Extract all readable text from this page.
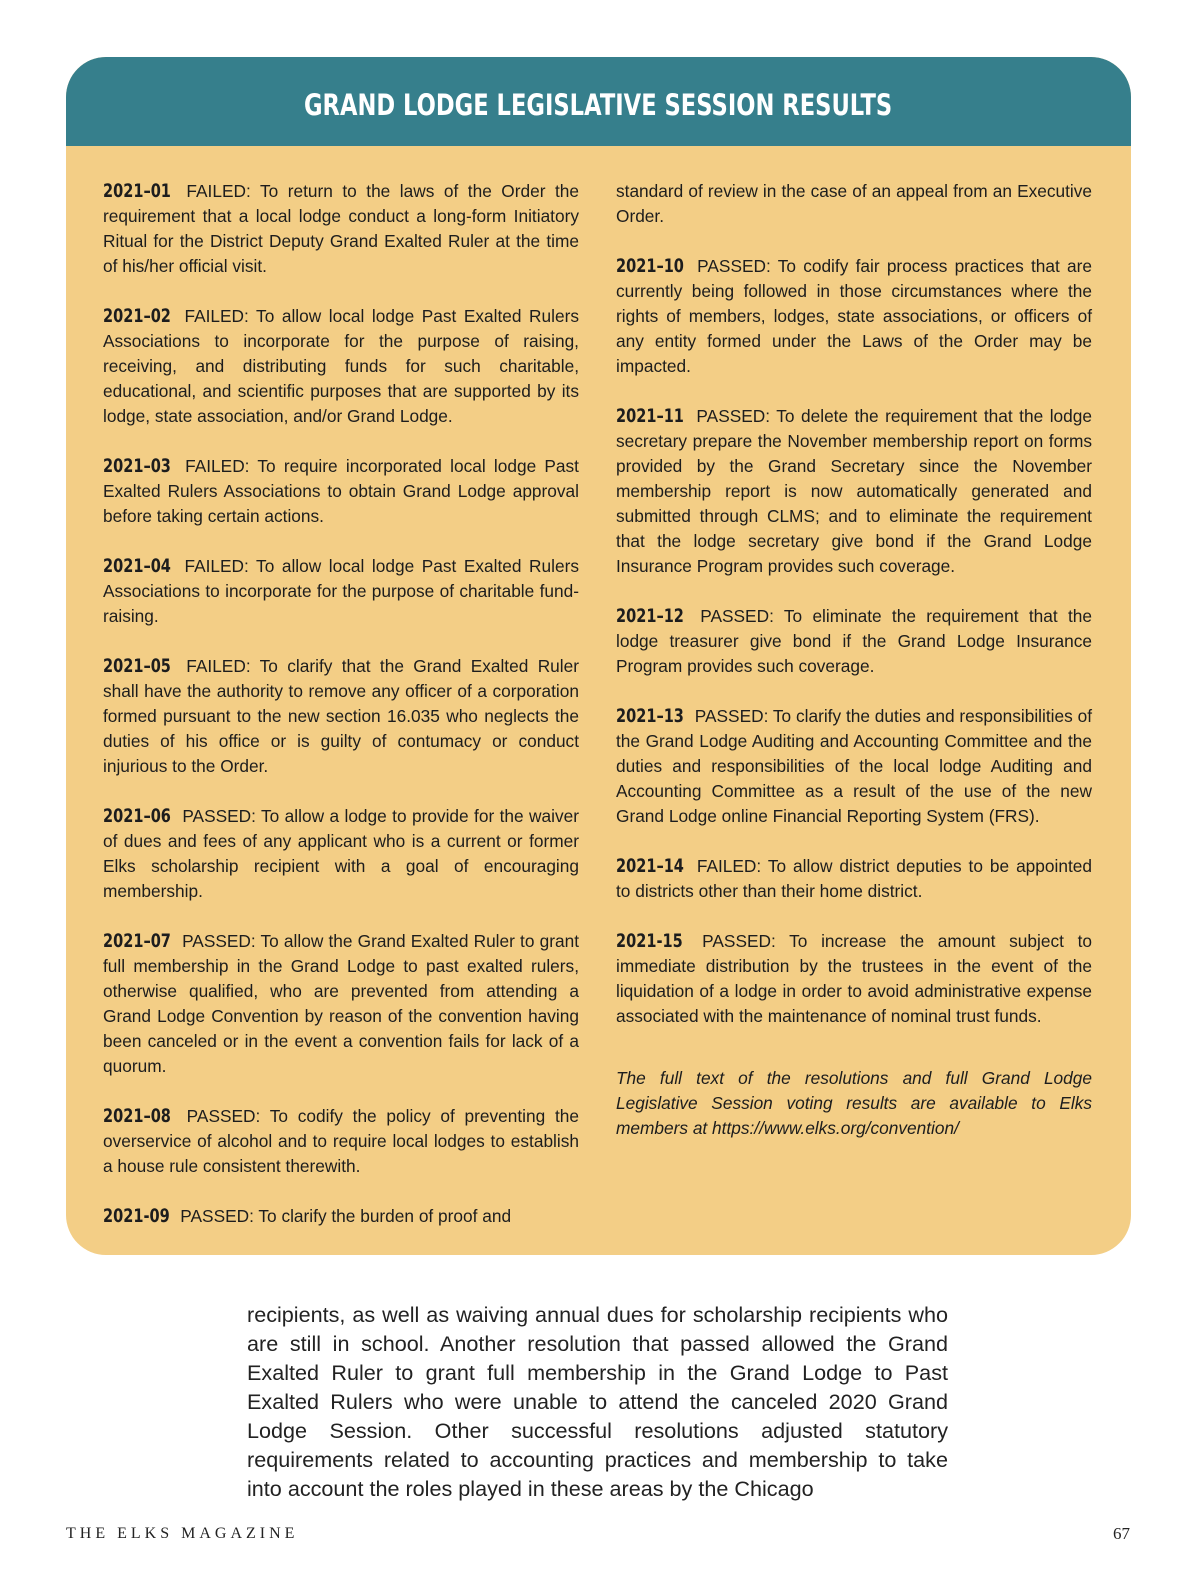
GRAND LODGE LEGISLATIVE SESSION RESULTS

2021–01 FAILED: To return to the laws of the Order the requirement that a local lodge conduct a long-form Initiatory Ritual for the District Deputy Grand Exalted Ruler at the time of his/her official visit.

2021–02 FAILED: To allow local lodge Past Exalted Rulers Associations to incorporate for the purpose of raising, receiving, and distributing funds for such charitable, educational, and scientific purposes that are supported by its lodge, state association, and/or Grand Lodge.

2021–03 FAILED: To require incorporated local lodge Past Exalted Rulers Associations to obtain Grand Lodge approval before taking certain actions.

2021–04 FAILED: To allow local lodge Past Exalted Rulers Associations to incorporate for the purpose of charitable fund-raising.

2021–05 FAILED: To clarify that the Grand Exalted Ruler shall have the authority to remove any officer of a corporation formed pursuant to the new section 16.035 who neglects the duties of his office or is guilty of contumacy or conduct injurious to the Order.

2021–06 PASSED: To allow a lodge to provide for the waiver of dues and fees of any applicant who is a current or former Elks scholarship recipient with a goal of encouraging membership.

2021–07 PASSED: To allow the Grand Exalted Ruler to grant full membership in the Grand Lodge to past exalted rulers, otherwise qualified, who are prevented from attending a Grand Lodge Convention by reason of the convention having been canceled or in the event a convention fails for lack of a quorum.

2021–08 PASSED: To codify the policy of preventing the overservice of alcohol and to require local lodges to establish a house rule consistent therewith.

2021-09 PASSED: To clarify the burden of proof and

standard of review in the case of an appeal from an Executive Order.

2021–10 PASSED: To codify fair process practices that are currently being followed in those circumstances where the rights of members, lodges, state associations, or officers of any entity formed under the Laws of the Order may be impacted.

2021–11 PASSED: To delete the requirement that the lodge secretary prepare the November membership report on forms provided by the Grand Secretary since the November membership report is now automatically generated and submitted through CLMS; and to eliminate the requirement that the lodge secretary give bond if the Grand Lodge Insurance Program provides such coverage.

2021–12 PASSED: To eliminate the requirement that the lodge treasurer give bond if the Grand Lodge Insurance Program provides such coverage.

2021–13 PASSED: To clarify the duties and responsibilities of the Grand Lodge Auditing and Accounting Committee and the duties and responsibilities of the local lodge Auditing and Accounting Committee as a result of the use of the new Grand Lodge online Financial Reporting System (FRS).

2021–14 FAILED: To allow district deputies to be appointed to districts other than their home district.

2021-15 PASSED: To increase the amount subject to immediate distribution by the trustees in the event of the liquidation of a lodge in order to avoid administrative expense associated with the maintenance of nominal trust funds.

The full text of the resolutions and full Grand Lodge Legislative Session voting results are available to Elks members at https://www.elks.org/convention/

recipients, as well as waiving annual dues for scholarship recipients who are still in school. Another resolution that passed allowed the Grand Exalted Ruler to grant full membership in the Grand Lodge to Past Exalted Rulers who were unable to attend the canceled 2020 Grand Lodge Session. Other successful resolutions adjusted statutory requirements related to accounting practices and membership to take into account the roles played in these areas by the Chicago
THE ELKS MAGAZINE	67
